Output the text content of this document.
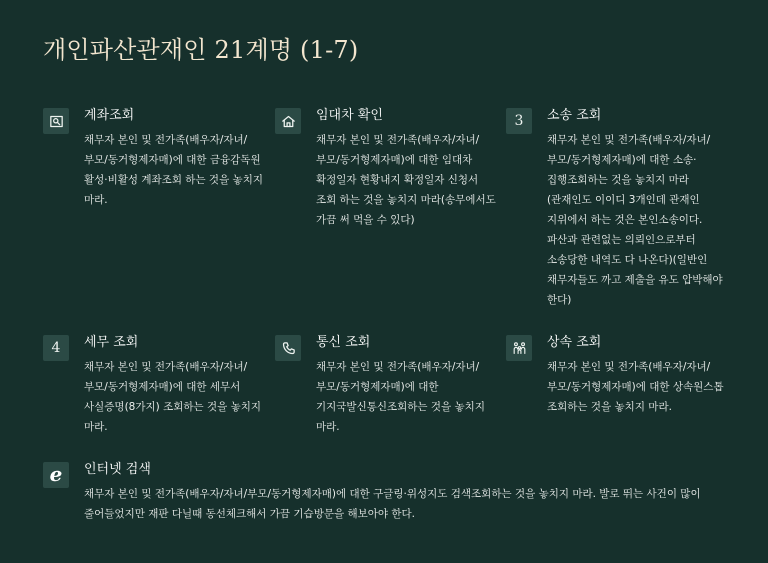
개인파산관재인 21계명 (1-7)
계좌조회
채무자 본인 및 전가족(배우자/자녀/부모/동거형제자매)에 대한 금융감독원 활성·비활성 계좌조회 하는 것을 놓치지 마라.
임대차 확인
채무자 본인 및 전가족(배우자/자녀/부모/동거형제자매)에 대한 임대차 확정일자 현황내지 확정일자 신청서 조회 하는 것을 놓치지 마라(송무에서도 가끔 써 먹을 수 있다)
3	소송 조회
채무자 본인 및 전가족(배우자/자녀/부모/동거형제자매)에 대한 소송·집행조회하는 것을 놓치지 마라(관재인도 이이디 3개인데 관재인 지위에서 하는 것은 본인소송이다. 파산과 관련없는 의뢰인으로부터 소송당한 내역도 다 나온다)(일반인 채무자들도 까고 제출을 유도 압박해야 한다)
4	세무 조회
채무자 본인 및 전가족(배우자/자녀/부모/동거형제자매)에 대한 세무서 사실증명(8가지) 조회하는 것을 놓치지 마라.
통신 조회
채무자 본인 및 전가족(배우자/자녀/부모/동거형제자매)에 대한 기지국발신통신조회하는 것을 놓치지 마라.
상속 조회
채무자 본인 및 전가족(배우자/자녀/부모/동거형제자매)에 대한 상속원스톱 조회하는 것을 놓치지 마라.
e 인터넷 검색
채무자 본인 및 전가족(배우자/자녀/부모/동거형제자매)에 대한 구글링·위성지도 검색조회하는 것을 놓치지 마라. 발로 뛰는 사건이 많이 줄어들었지만 재판 다닐때 동선체크해서 가끔 기습방문을 해보아야 한다.
